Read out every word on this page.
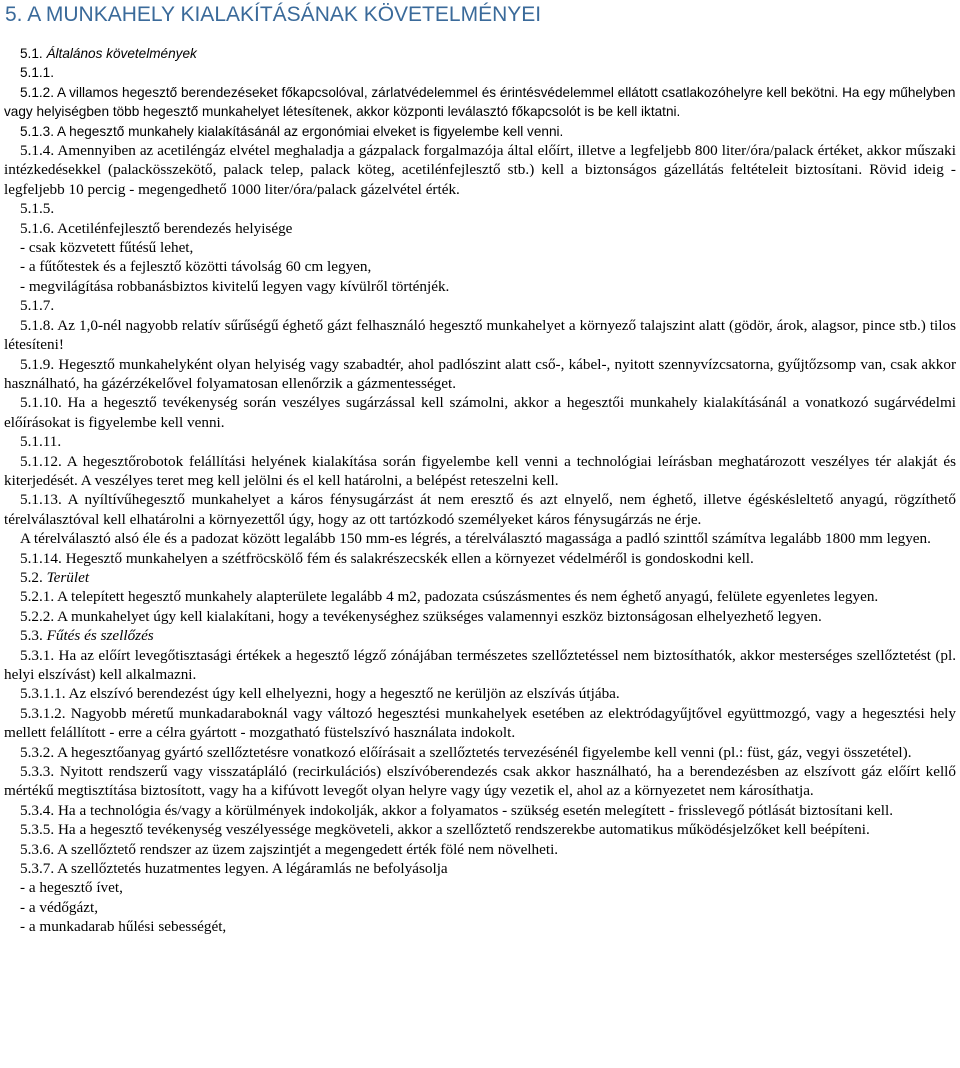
5. A MUNKAHELY KIALAKÍTÁSÁNAK KÖVETELMÉNYEI

5.1. Általános követelmények

5.1.1.

5.1.2. A villamos hegesztő berendezéseket főkapcsolóval, zárlatvédelemmel és érintésvédelemmel ellátott csatlakozóhelyre kell bekötni. Ha egy műhelyben vagy helyiségben több hegesztő munkahelyet létesítenek, akkor központi leválasztó főkapcsolót is be kell iktatni.

5.1.3. A hegesztő munkahely kialakításánál az ergonómiai elveket is figyelembe kell venni.

5.1.4. Amennyiben az acetiléngáz elvétel meghaladja a gázpalack forgalmazója által előírt, illetve a legfeljebb 800 liter/óra/palack értéket, akkor műszaki intézkedésekkel (palackösszekötő, palack telep, palack köteg, acetilénfejlesztő stb.) kell a biztonságos gázellátás feltételeit biztosítani. Rövid ideig - legfeljebb 10 percig - megengedhető 1000 liter/óra/palack gázelvétel érték.

5.1.5.

5.1.6. Acetilénfejlesztő berendezés helyisége

- csak közvetett fűtésű lehet,

- a fűtőtestek és a fejlesztő közötti távolság 60 cm legyen,

- megvilágítása robbanásbiztos kivitelű legyen vagy kívülről történjék.

5.1.7.

5.1.8. Az 1,0-nél nagyobb relatív sűrűségű éghető gázt felhasználó hegesztő munkahelyet a környező talajszint alatt (gödör, árok, alagsor, pince stb.) tilos létesíteni!

5.1.9. Hegesztő munkahelyként olyan helyiség vagy szabadtér, ahol padlószint alatt cső-, kábel-, nyitott szennyvízcsatorna, gyűjtőzsomp van, csak akkor használható, ha gázérzékelővel folyamatosan ellenőrzik a gázmentességet.

5.1.10. Ha a hegesztő tevékenység során veszélyes sugárzással kell számolni, akkor a hegesztői munkahely kialakításánál a vonatkozó sugárvédelmi előírásokat is figyelembe kell venni.

5.1.11.

5.1.12. A hegesztőrobotok felállítási helyének kialakítása során figyelembe kell venni a technológiai leírásban meghatározott veszélyes tér alakját és kiterjedését. A veszélyes teret meg kell jelölni és el kell határolni, a belépést reteszelni kell.

5.1.13. A nyíltívűhegesztő munkahelyet a káros fénysugárzást át nem eresztő és azt elnyelő, nem éghető, illetve égéskésleltető anyagú, rögzíthető térelválasztóval kell elhatárolni a környezettől úgy, hogy az ott tartózkodó személyeket káros fénysugárzás ne érje.

A térelválasztó alsó éle és a padozat között legalább 150 mm-es légrés, a térelválasztó magassága a padló szinttől számítva legalább 1800 mm legyen.

5.1.14. Hegesztő munkahelyen a szétfröcskölő fém és salakrészecskék ellen a környezet védelméről is gondoskodni kell.

5.2. Terület

5.2.1. A telepített hegesztő munkahely alapterülete legalább 4 m2, padozata csúszásmentes és nem éghető anyagú, felülete egyenletes legyen.

5.2.2. A munkahelyet úgy kell kialakítani, hogy a tevékenységhez szükséges valamennyi eszköz biztonságosan elhelyezhető legyen.

5.3. Fűtés és szellőzés

5.3.1. Ha az előírt levegőtisztasági értékek a hegesztő légző zónájában természetes szellőztetéssel nem biztosíthatók, akkor mesterséges szellőztetést (pl. helyi elszívást) kell alkalmazni.

5.3.1.1. Az elszívó berendezést úgy kell elhelyezni, hogy a hegesztő ne kerüljön az elszívás útjába.

5.3.1.2. Nagyobb méretű munkadaraboknál vagy változó hegesztési munkahelyek esetében az elektródagyűjtővel együttmozgó, vagy a hegesztési hely mellett felállított - erre a célra gyártott - mozgatható füstelszívó használata indokolt.

5.3.2. A hegesztőanyag gyártó szellőztetésre vonatkozó előírásait a szellőztetés tervezésénél figyelembe kell venni (pl.: füst, gáz, vegyi összetétel).

5.3.3. Nyitott rendszerű vagy visszatápláló (recirkulációs) elszívóberendezés csak akkor használható, ha a berendezésben az elszívott gáz előírt kellő mértékű megtisztítása biztosított, vagy ha a kifúvott levegőt olyan helyre vagy úgy vezetik el, ahol az a környezetet nem károsíthatja.

5.3.4. Ha a technológia és/vagy a körülmények indokolják, akkor a folyamatos - szükség esetén melegített - frisslevegő pótlását biztosítani kell.

5.3.5. Ha a hegesztő tevékenység veszélyessége megköveteli, akkor a szellőztető rendszerekbe automatikus működésjelzőket kell beépíteni.

5.3.6. A szellőztető rendszer az üzem zajszintjét a megengedett érték fölé nem növelheti.

5.3.7. A szellőztetés huzatmentes legyen. A légáramlás ne befolyásolja

- a hegesztő ívet,

- a védőgázt,

- a munkadarab hűlési sebességét,
